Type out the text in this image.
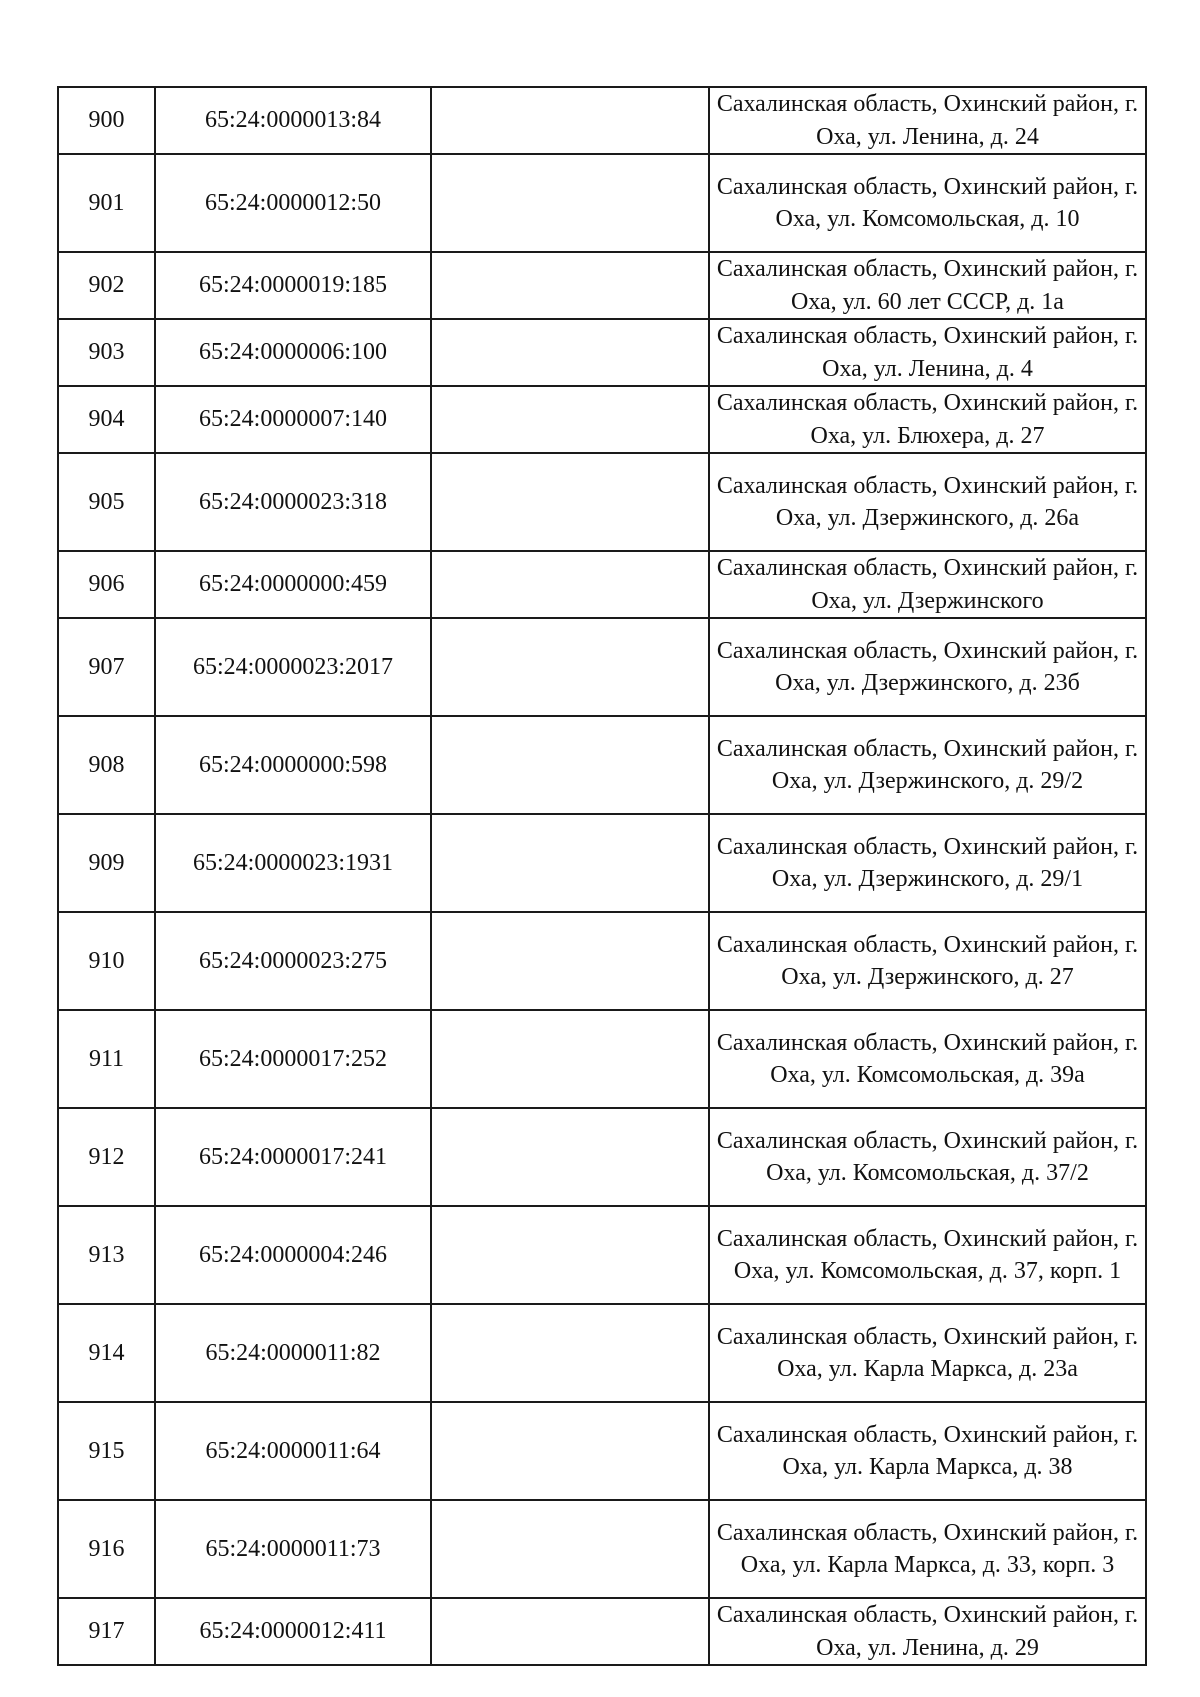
900	65:24:0000013:84		Сахалинская область, Охинский район, г. Оха, ул. Ленина, д. 24
901	65:24:0000012:50		Сахалинская область, Охинский район, г. Оха, ул. Комсомольская, д. 10
902	65:24:0000019:185		Сахалинская область, Охинский район, г. Оха, ул. 60 лет СССР, д. 1а
903	65:24:0000006:100		Сахалинская область, Охинский район, г. Оха, ул. Ленина, д. 4
904	65:24:0000007:140		Сахалинская область, Охинский район, г. Оха, ул. Блюхера, д. 27
905	65:24:0000023:318		Сахалинская область, Охинский район, г. Оха, ул. Дзержинского, д. 26а
906	65:24:0000000:459		Сахалинская область, Охинский район, г. Оха, ул. Дзержинского
907	65:24:0000023:2017		Сахалинская область, Охинский район, г. Оха, ул. Дзержинского, д. 23б
908	65:24:0000000:598		Сахалинская область, Охинский район, г. Оха, ул. Дзержинского, д. 29/2
909	65:24:0000023:1931		Сахалинская область, Охинский район, г. Оха, ул. Дзержинского, д. 29/1
910	65:24:0000023:275		Сахалинская область, Охинский район, г. Оха, ул. Дзержинского, д. 27
911	65:24:0000017:252		Сахалинская область, Охинский район, г. Оха, ул. Комсомольская, д. 39а
912	65:24:0000017:241		Сахалинская область, Охинский район, г. Оха, ул. Комсомольская, д. 37/2
913	65:24:0000004:246		Сахалинская область, Охинский район, г. Оха, ул. Комсомольская, д. 37, корп. 1
914	65:24:0000011:82		Сахалинская область, Охинский район, г. Оха, ул. Карла Маркса, д. 23а
915	65:24:0000011:64		Сахалинская область, Охинский район, г. Оха, ул. Карла Маркса, д. 38
916	65:24:0000011:73		Сахалинская область, Охинский район, г. Оха, ул. Карла Маркса, д. 33, корп. 3
917	65:24:0000012:411		Сахалинская область, Охинский район, г. Оха, ул. Ленина, д. 29
